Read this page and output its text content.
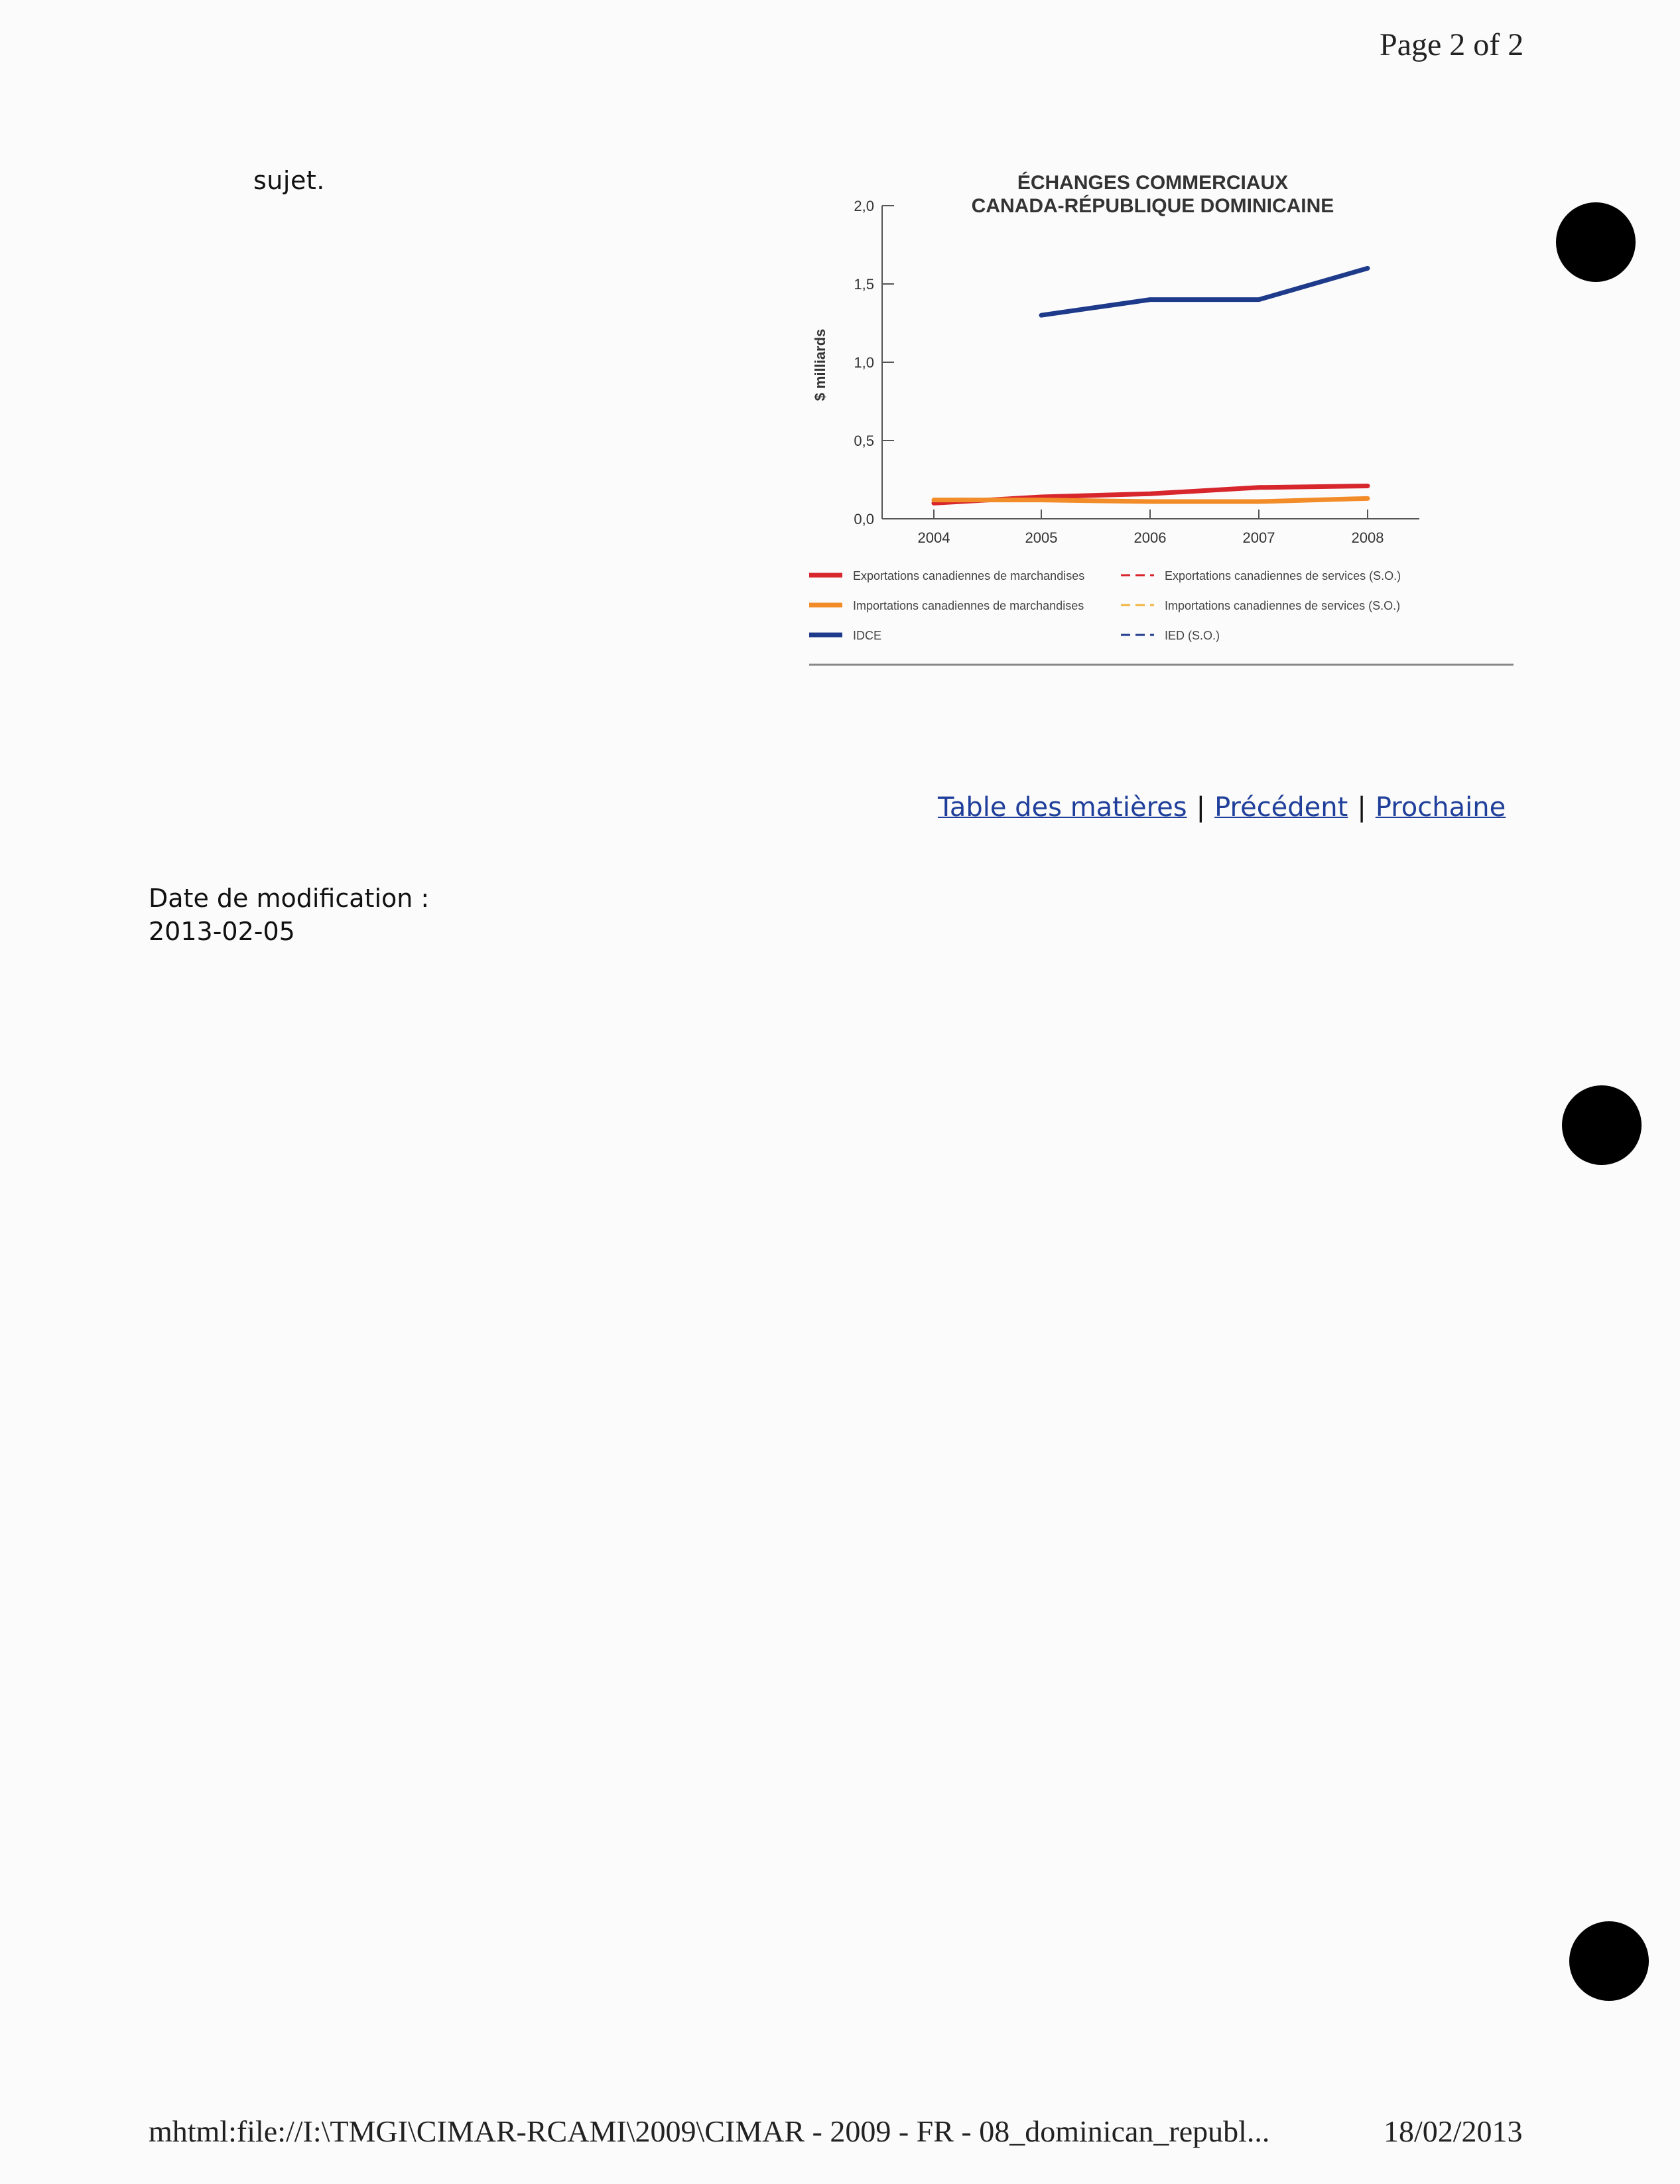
Page 2 of 2
sujet.	ÉCHANGES COMMERCIAUX
CANADA-RÉPUBLIQUE DOMINICAINE
$ milliards
0,0
0,5
1,0
1,5
2,0
2004	2005	2006	2007	2008
Exportations canadiennes de marchandises
Importations canadiennes de marchandises
IDCE
Exportations canadiennes de services (S.O.)
Importations canadiennes de services (S.O.)
IED (S.O.)
Table des matières | Précédent | Prochaine
Date de modification :
2013-02-05
mhtml:file://I:\TMGI\CIMAR-RCAMI\2009\CIMAR - 2009 - FR - 08_dominican_republ...	18/02/2013
